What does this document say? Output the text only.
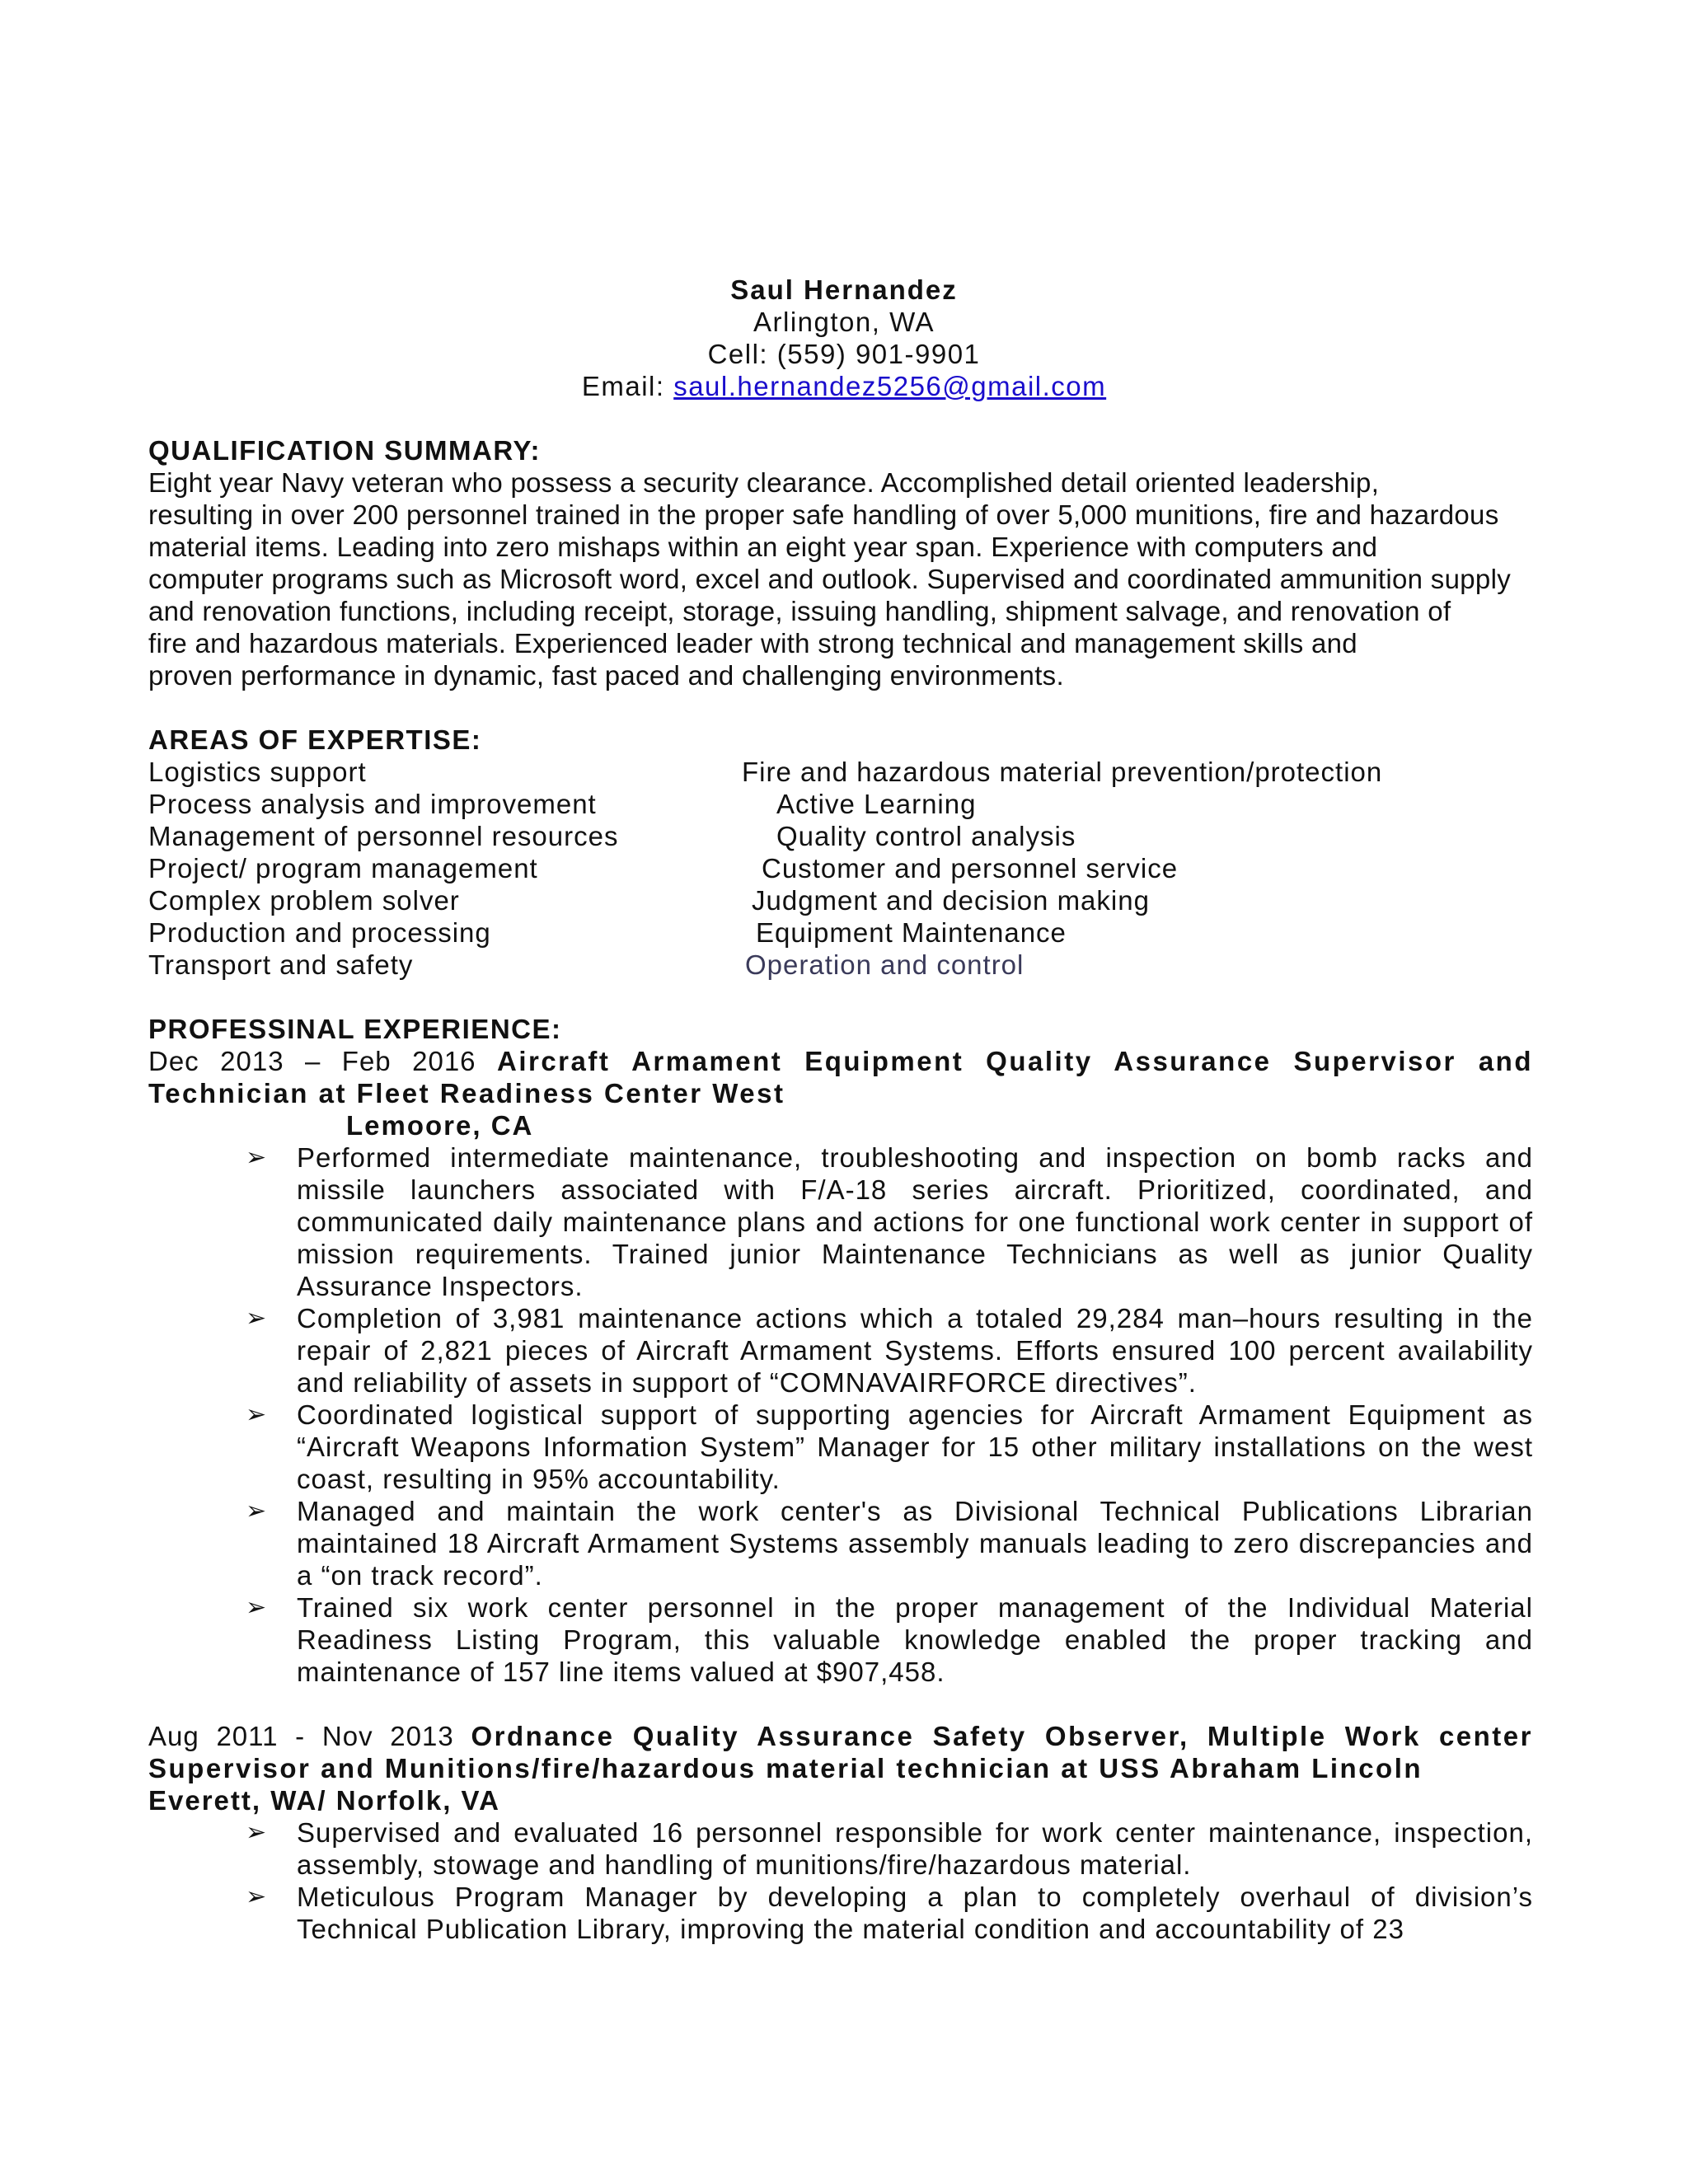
Saul Hernandez
Arlington, WA
Cell: (559) 901-9901
Email: saul.hernandez5256@gmail.com
QUALIFICATION SUMMARY:
Eight year Navy veteran who possess a security clearance. Accomplished detail oriented leadership,
resulting in over 200 personnel trained in the proper safe handling of over 5,000 munitions, fire and hazardous
material items. Leading into zero mishaps within an eight year span. Experience with computers and
computer programs such as Microsoft word, excel and outlook. Supervised and coordinated ammunition supply
and renovation functions, including receipt, storage, issuing handling, shipment salvage, and renovation of
fire and hazardous materials. Experienced leader with strong technical and management skills and
proven performance in dynamic, fast paced and challenging environments.
AREAS OF EXPERTISE:
Logistics support	Fire and hazardous material prevention/protection
Process analysis and improvement	Active Learning
Management of personnel resources	Quality control analysis
Project/ program management	Customer and personnel service
Complex problem solver	Judgment and decision making
Production and processing	Equipment Maintenance
Transport and safety	Operation and control
PROFESSINAL EXPERIENCE:
Dec 2013 – Feb 2016 Aircraft Armament Equipment Quality Assurance Supervisor and Technician at Fleet Readiness Center West
Lemoore, CA
➢ Performed intermediate maintenance, troubleshooting and inspection on bomb racks and missile launchers associated with F/A-18 series aircraft. Prioritized, coordinated, and communicated daily maintenance plans and actions for one functional work center in support of mission requirements. Trained junior Maintenance Technicians as well as junior Quality Assurance Inspectors.
➢ Completion of 3,981 maintenance actions which a totaled 29,284 man–hours resulting in the repair of 2,821 pieces of Aircraft Armament Systems. Efforts ensured 100 percent availability and reliability of assets in support of “COMNAVAIRFORCE directives”.
➢ Coordinated logistical support of supporting agencies for Aircraft Armament Equipment as “Aircraft Weapons Information System” Manager for 15 other military installations on the west coast, resulting in 95% accountability.
➢ Managed and maintain the work center's as Divisional Technical Publications Librarian maintained 18 Aircraft Armament Systems assembly manuals leading to zero discrepancies and a “on track record”.
➢ Trained six work center personnel in the proper management of the Individual Material Readiness Listing Program, this valuable knowledge enabled the proper tracking and maintenance of 157 line items valued at $907,458.
Aug 2011 - Nov 2013 Ordnance Quality Assurance Safety Observer, Multiple Work center Supervisor and Munitions/fire/hazardous material technician at USS Abraham Lincoln
Everett, WA/ Norfolk, VA
➢ Supervised and evaluated 16 personnel responsible for work center maintenance, inspection, assembly, stowage and handling of munitions/fire/hazardous material.
➢ Meticulous Program Manager by developing a plan to completely overhaul of division’s Technical Publication Library, improving the material condition and accountability of 23
